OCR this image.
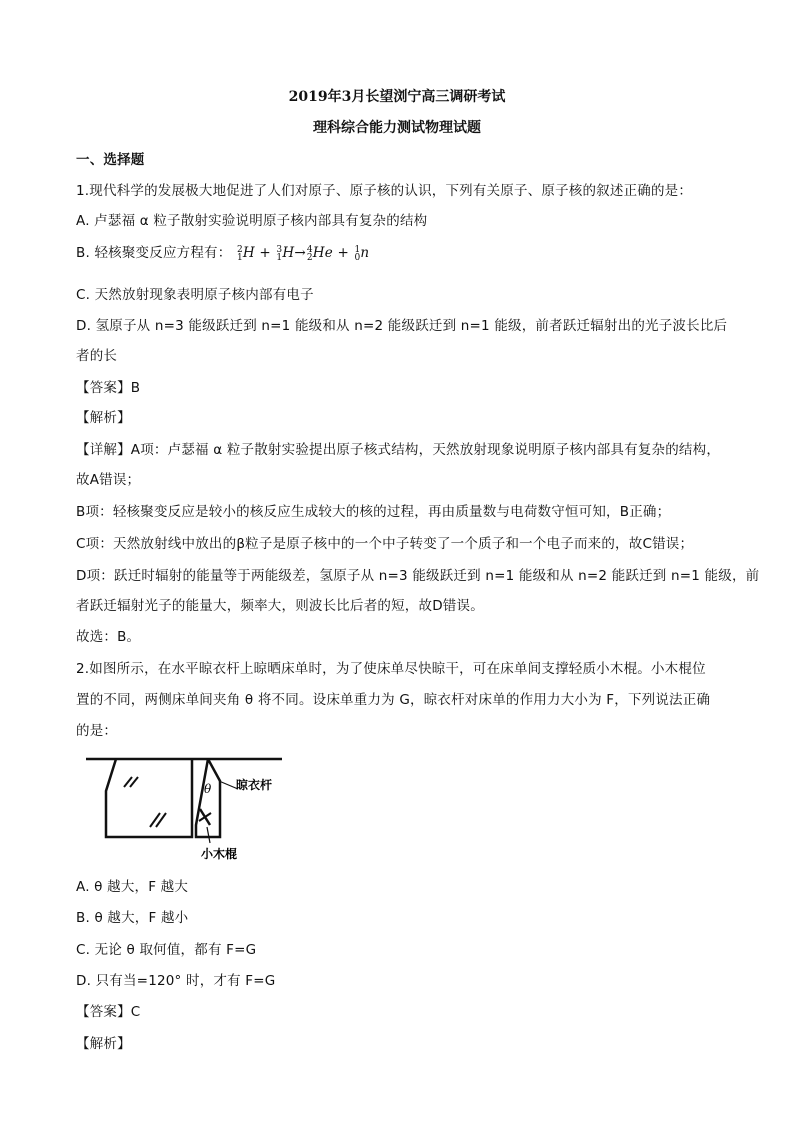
2019年3月长望浏宁高三调研考试
理科综合能力测试物理试题
一、选择题
1.现代科学的发展极大地促进了人们对原子、原子核的认识，下列有关原子、原子核的叙述正确的是：
A. 卢瑟福 α 粒子散射实验说明原子核内部具有复杂的结构
B. 轻核聚变反应方程有： 2
1 H + 3
1 H→ 4
2 He + 1
0 n
C. 天然放射现象表明原子核内部有电子
D. 氢原子从 n=3 能级跃迁到 n=1 能级和从 n=2 能级跃迁到 n=1 能级，前者跃迁辐射出的光子波长比后
者的长
【答案】B
【解析】
【详解】A项：卢瑟福 α 粒子散射实验提出原子核式结构，天然放射现象说明原子核内部具有复杂的结构，
故A错误；
B项：轻核聚变反应是较小的核反应生成较大的核的过程，再由质量数与电荷数守恒可知，B正确；
C项：天然放射线中放出的β粒子是原子核中的一个中子转变了一个质子和一个电子而来的，故C错误；
D项：跃迁时辐射的能量等于两能级差，氢原子从 n=3 能级跃迁到 n=1 能级和从 n=2 能跃迁到 n=1 能级，前
者跃迁辐射光子的能量大，频率大，则波长比后者的短，故D错误。
故选：B。
2.如图所示，在水平晾衣杆上晾晒床单时，为了使床单尽快晾干，可在床单间支撑轻质小木棍。小木棍位
置的不同，两侧床单间夹角 θ 将不同。设床单重力为 G，晾衣杆对床单的作用力大小为 F，下列说法正确
的是：
θ 晾衣杆
小木棍
A. θ 越大，F 越大
B. θ 越大，F 越小
C. 无论 θ 取何值，都有 F=G
D. 只有当=120° 时，才有 F=G
【答案】C
【解析】
